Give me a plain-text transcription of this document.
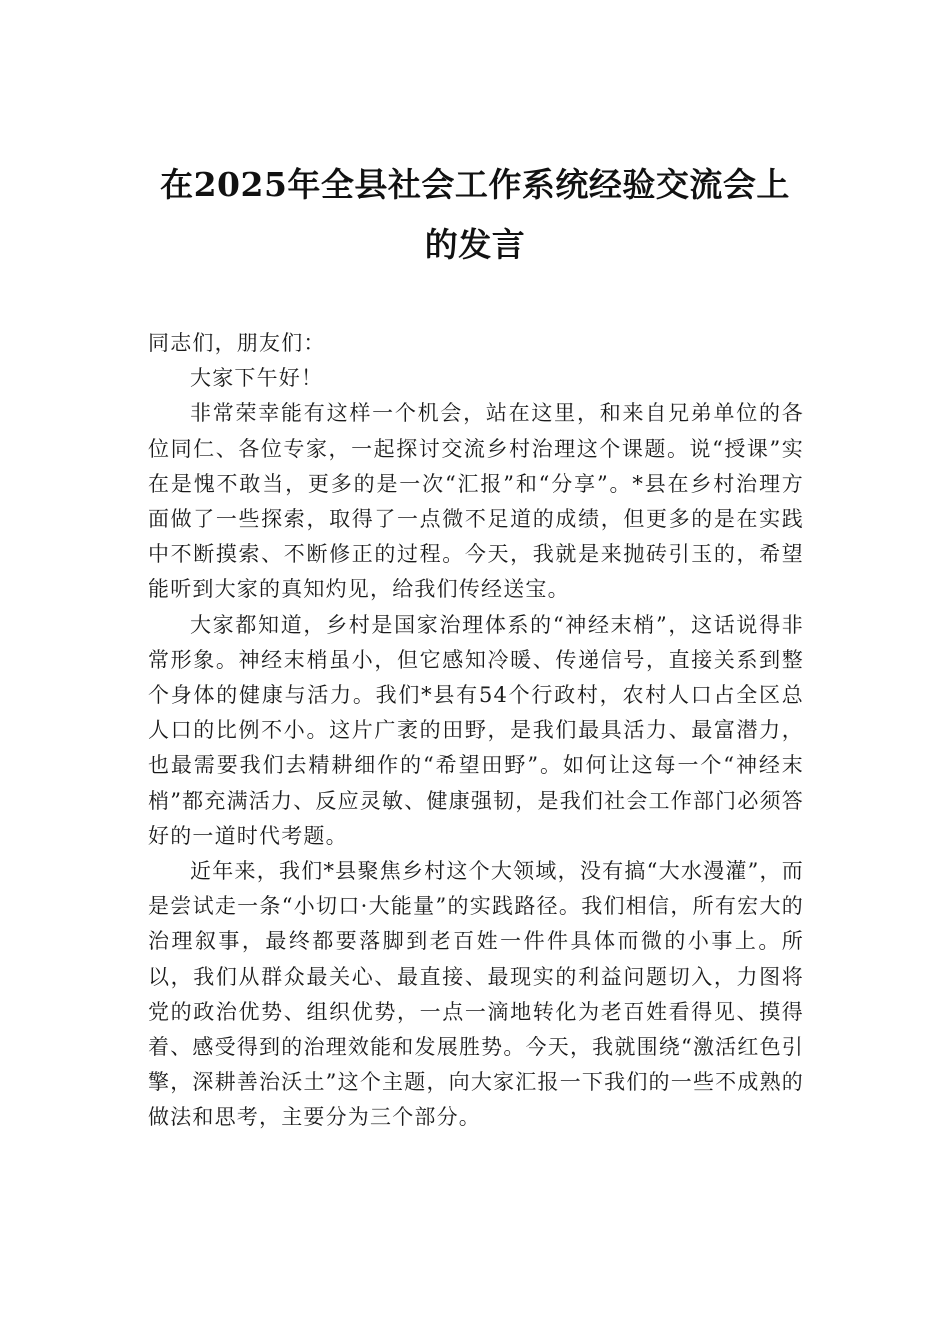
在2025年全县社会工作系统经验交流会上
的发言

同志们，朋友们：

大家下午好！

非常荣幸能有这样一个机会，站在这里，和来自兄弟单位的各位同仁、各位专家，一起探讨交流乡村治理这个课题。说“授课”实在是愧不敢当，更多的是一次“汇报”和“分享”。*县在乡村治理方面做了一些探索，取得了一点微不足道的成绩，但更多的是在实践中不断摸索、不断修正的过程。今天，我就是来抛砖引玉的，希望能听到大家的真知灼见，给我们传经送宝。

大家都知道，乡村是国家治理体系的“神经末梢”，这话说得非常形象。神经末梢虽小，但它感知冷暖、传递信号，直接关系到整个身体的健康与活力。我们*县有54个行政村，农村人口占全区总人口的比例不小。这片广袤的田野，是我们最具活力、最富潜力，也最需要我们去精耕细作的“希望田野”。如何让这每一个“神经末梢”都充满活力、反应灵敏、健康强韧，是我们社会工作部门必须答好的一道时代考题。

近年来，我们*县聚焦乡村这个大领域，没有搞“大水漫灌”，而是尝试走一条“小切口·大能量”的实践路径。我们相信，所有宏大的治理叙事，最终都要落脚到老百姓一件件具体而微的小事上。所以，我们从群众最关心、最直接、最现实的利益问题切入，力图将党的政治优势、组织优势，一点一滴地转化为老百姓看得见、摸得着、感受得到的治理效能和发展胜势。今天，我就围绕“激活红色引擎，深耕善治沃土”这个主题，向大家汇报一下我们的一些不成熟的做法和思考，主要分为三个部分。
